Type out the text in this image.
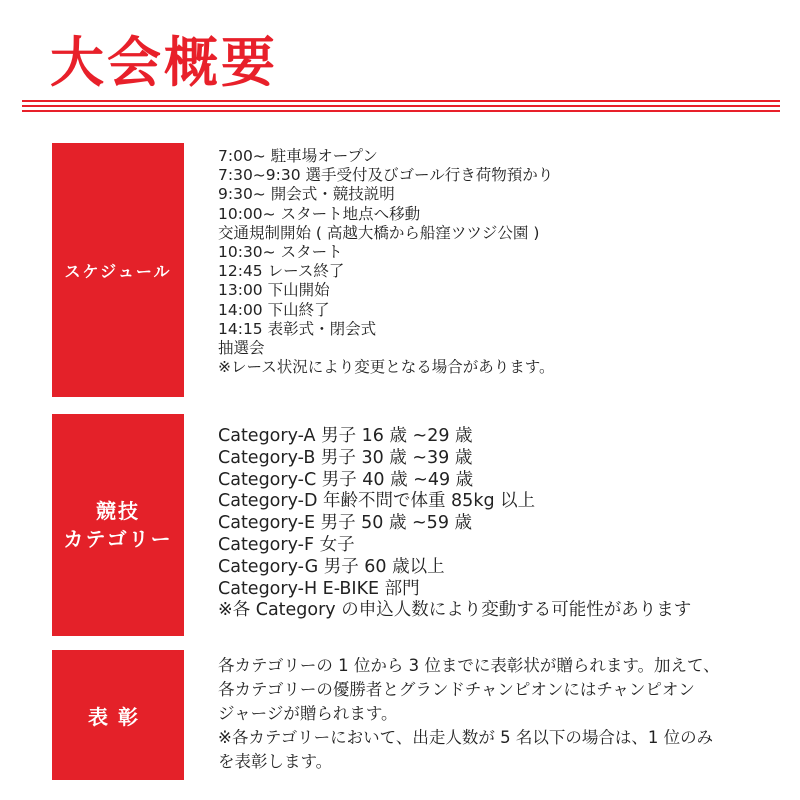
大会概要
スケジュール
7:00~ 駐車場オープン
7:30~9:30 選手受付及びゴール行き荷物預かり
9:30~ 開会式・競技説明
10:00~ スタート地点へ移動
交通規制開始 ( 高越大橋から船窪ツツジ公園 )
10:30~ スタート
12:45 レース終了
13:00 下山開始
14:00 下山終了
14:15 表彰式・閉会式
抽選会
※レース状況により変更となる場合があります。
競技
カテゴリー
Category-A 男子 16 歳 ~29 歳
Category-B 男子 30 歳 ~39 歳
Category-C 男子 40 歳 ~49 歳
Category-D 年齢不問で体重 85kg 以上
Category-E 男子 50 歳 ~59 歳
Category-F 女子
Category-G 男子 60 歳以上
Category-H E-BIKE 部門
※各 Category の申込人数により変動する可能性があります
表彰
各カテゴリーの 1 位から 3 位までに表彰状が贈られます。加えて、
各カテゴリーの優勝者とグランドチャンピオンにはチャンピオン
ジャージが贈られます。
※各カテゴリーにおいて、出走人数が 5 名以下の場合は、1 位のみ
を表彰します。
